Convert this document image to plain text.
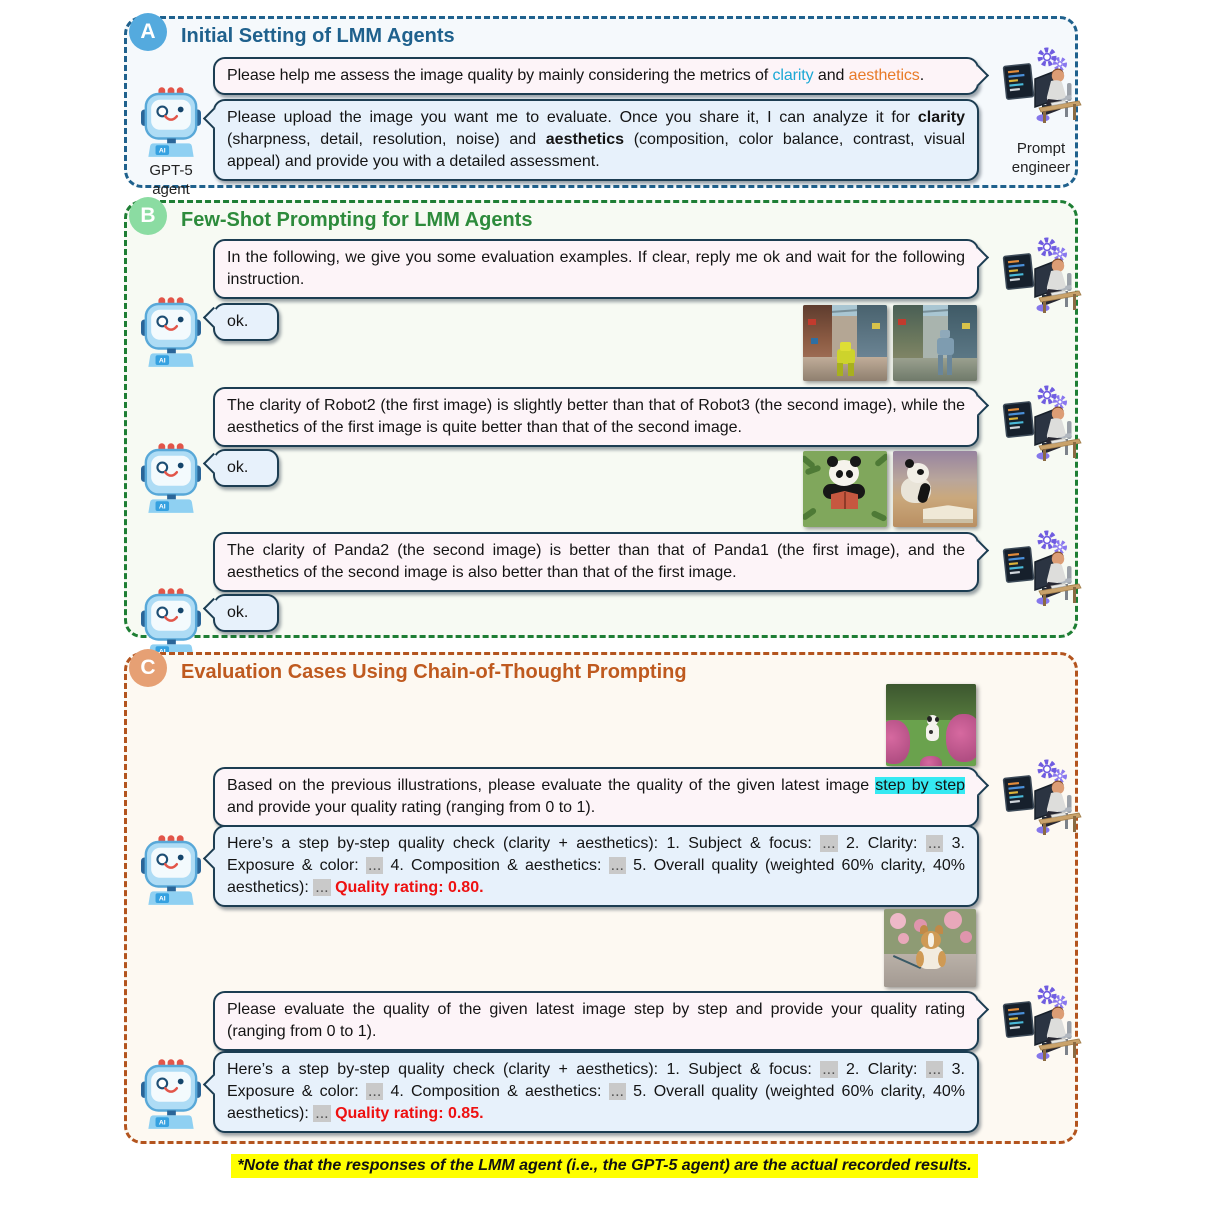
A	Initial Setting of LMM Agents
GPT-5
agent
Prompt
engineer
Please help me assess the image quality by mainly considering the metrics of clarity and aesthetics.
Please upload the image you want me to evaluate. Once you share it, I can analyze it for clarity (sharpness, detail, resolution, noise) and aesthetics (composition, color balance, contrast, visual appeal) and provide you with a detailed assessment.
B	Few-Shot Prompting for LMM Agents
In the following, we give you some evaluation examples. If clear, reply me ok and wait for the following instruction.
ok.
The clarity of Robot2 (the first image) is slightly better than that of Robot3 (the second image), while the aesthetics of the first image is quite better than that of the second image.
ok.
The clarity of Panda2 (the second image) is better than that of Panda1 (the first image), and the aesthetics of the second image is also better than that of the first image.
ok.
C	Evaluation Cases Using Chain-of-Thought Prompting
Based on the previous illustrations, please evaluate the quality of the given latest image step by step and provide your quality rating (ranging from 0 to 1).
Here’s a step by-step quality check (clarity + aesthetics): 1. Subject & focus: ... 2. Clarity: ... 3. Exposure & color: ... 4. Composition & aesthetics: ... 5. Overall quality (weighted 60% clarity, 40% aesthetics): ... Quality rating: 0.80.
Please evaluate the quality of the given latest image step by step and provide your quality rating (ranging from 0 to 1).
Here’s a step by-step quality check (clarity + aesthetics): 1. Subject & focus: ... 2. Clarity: ... 3. Exposure & color: ... 4. Composition & aesthetics: ... 5. Overall quality (weighted 60% clarity, 40% aesthetics): ... Quality rating: 0.85.
*Note that the responses of the LMM agent (i.e., the GPT-5 agent) are the actual recorded results.
